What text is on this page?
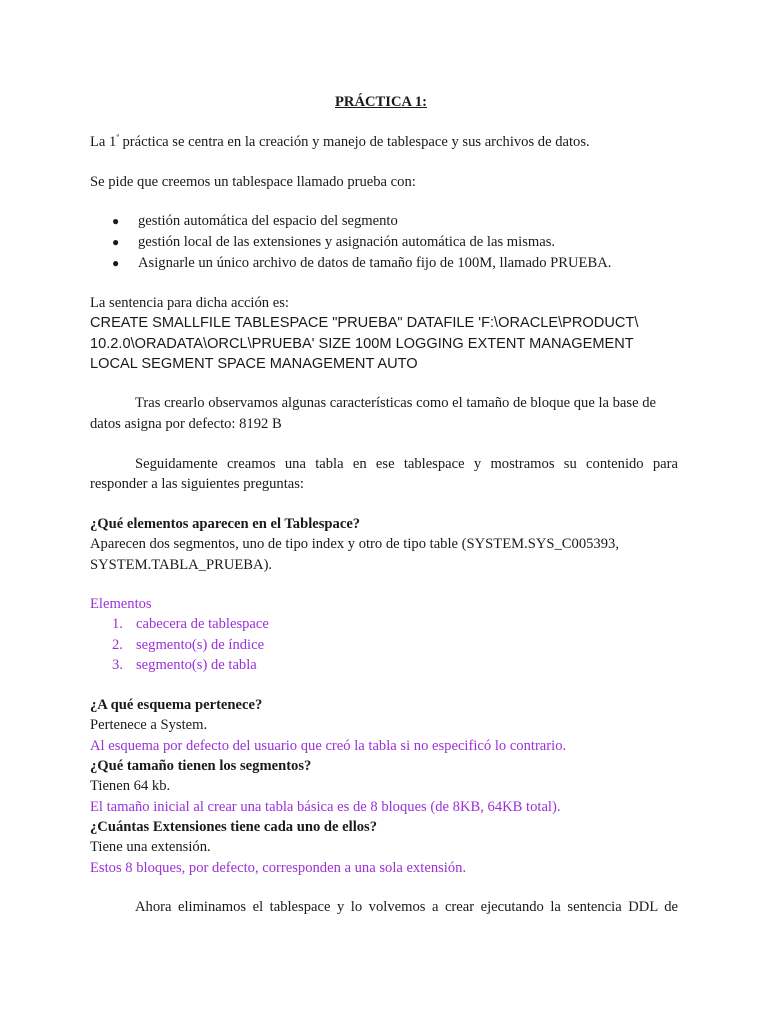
PRÁCTICA 1:
La $1^ª$ práctica se centra en la creación y manejo de tablespace y sus archivos de datos.
Se pide que creemos un tablespace llamado prueba con:
● gestión automática del espacio del segmento
● gestión local de las extensiones y asignación automática de las mismas.
● Asignarle un único archivo de datos de tamaño fijo de 100M, llamado PRUEBA.
La sentencia para dicha acción es:
CREATE SMALLFILE TABLESPACE "PRUEBA" DATAFILE 'F:\ORACLE\PRODUCT\
10.2.0\ORADATA\ORCL\PRUEBA' SIZE 100M LOGGING EXTENT MANAGEMENT
LOCAL SEGMENT SPACE MANAGEMENT AUTO
Tras crearlo observamos algunas características como el tamaño de bloque que la base de
datos asigna por defecto: 8192 B
Seguidamente creamos una tabla en ese tablespace y mostramos su contenido para
responder a las siguientes preguntas:
¿Qué elementos aparecen en el Tablespace?
Aparecen dos segmentos, uno de tipo index y otro de tipo table (SYSTEM.SYS_C005393,
SYSTEM.TABLA_PRUEBA).
Elementos
1. cabecera de tablespace
2. segmento(s) de índice
3. segmento(s) de tabla
¿A qué esquema pertenece?
Pertenece a System.
Al esquema por defecto del usuario que creó la tabla si no especificó lo contrario.
¿Qué tamaño tienen los segmentos?
Tienen 64 kb.
El tamaño inicial al crear una tabla básica es de 8 bloques (de 8KB, 64KB total).
¿Cuántas Extensiones tiene cada uno de ellos?
Tiene una extensión.
Estos 8 bloques, por defecto, corresponden a una sola extensión.
Ahora eliminamos el tablespace y lo volvemos a crear ejecutando la sentencia DDL de
